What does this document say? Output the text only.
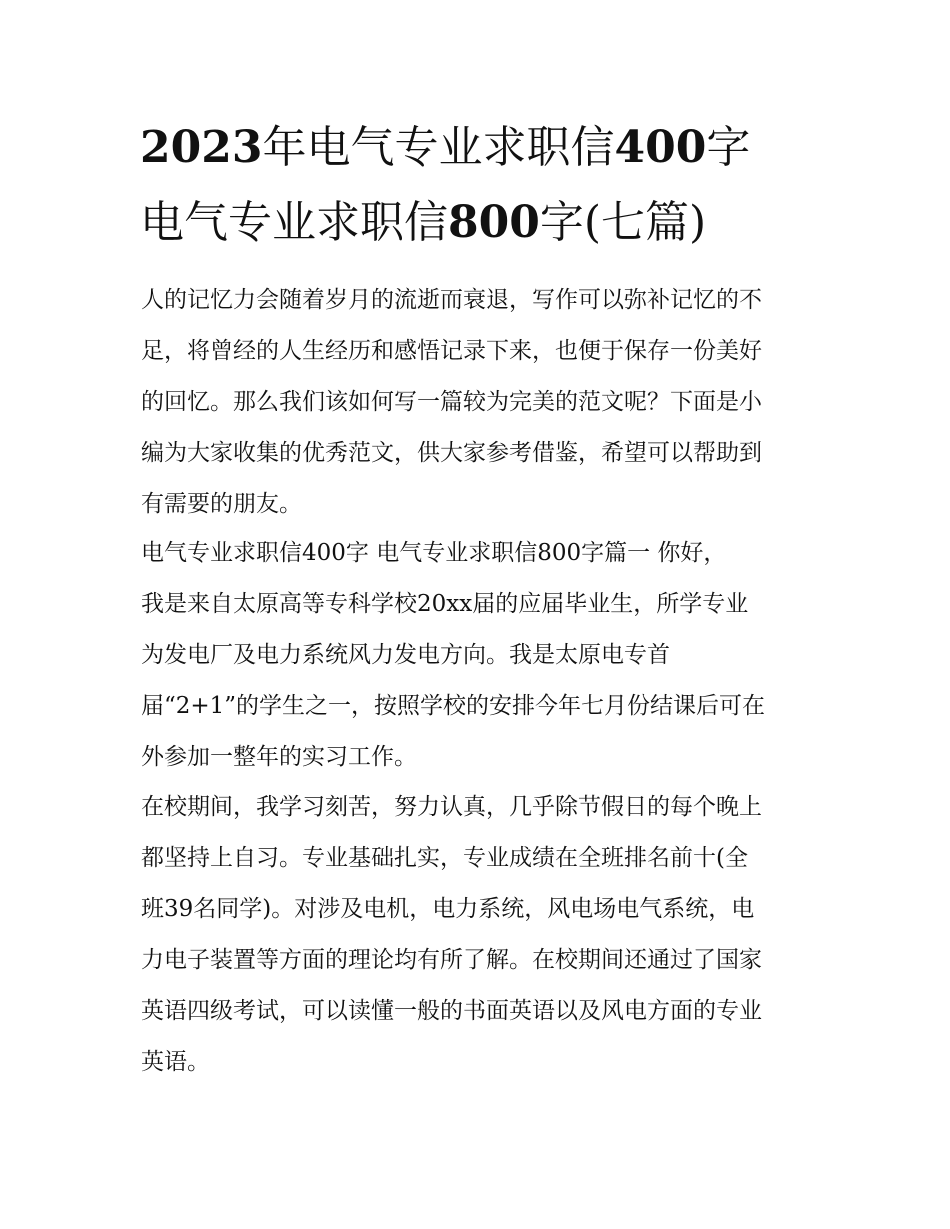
2023年电气专业求职信400字
电气专业求职信800字(七篇)

人的记忆力会随着岁月的流逝而衰退，写作可以弥补记忆的不

足，将曾经的人生经历和感悟记录下来，也便于保存一份美好

的回忆。那么我们该如何写一篇较为完美的范文呢？下面是小

编为大家收集的优秀范文，供大家参考借鉴，希望可以帮助到

有需要的朋友。

电气专业求职信400字 电气专业求职信800字篇一 你好，

我是来自太原高等专科学校20xx届的应届毕业生，所学专业

为发电厂及电力系统风力发电方向。我是太原电专首

届“2+1”的学生之一，按照学校的安排今年七月份结课后可在

外参加一整年的实习工作。

在校期间，我学习刻苦，努力认真，几乎除节假日的每个晚上

都坚持上自习。专业基础扎实，专业成绩在全班排名前十(全

班39名同学)。对涉及电机，电力系统，风电场电气系统，电

力电子装置等方面的理论均有所了解。在校期间还通过了国家

英语四级考试，可以读懂一般的书面英语以及风电方面的专业

英语。
